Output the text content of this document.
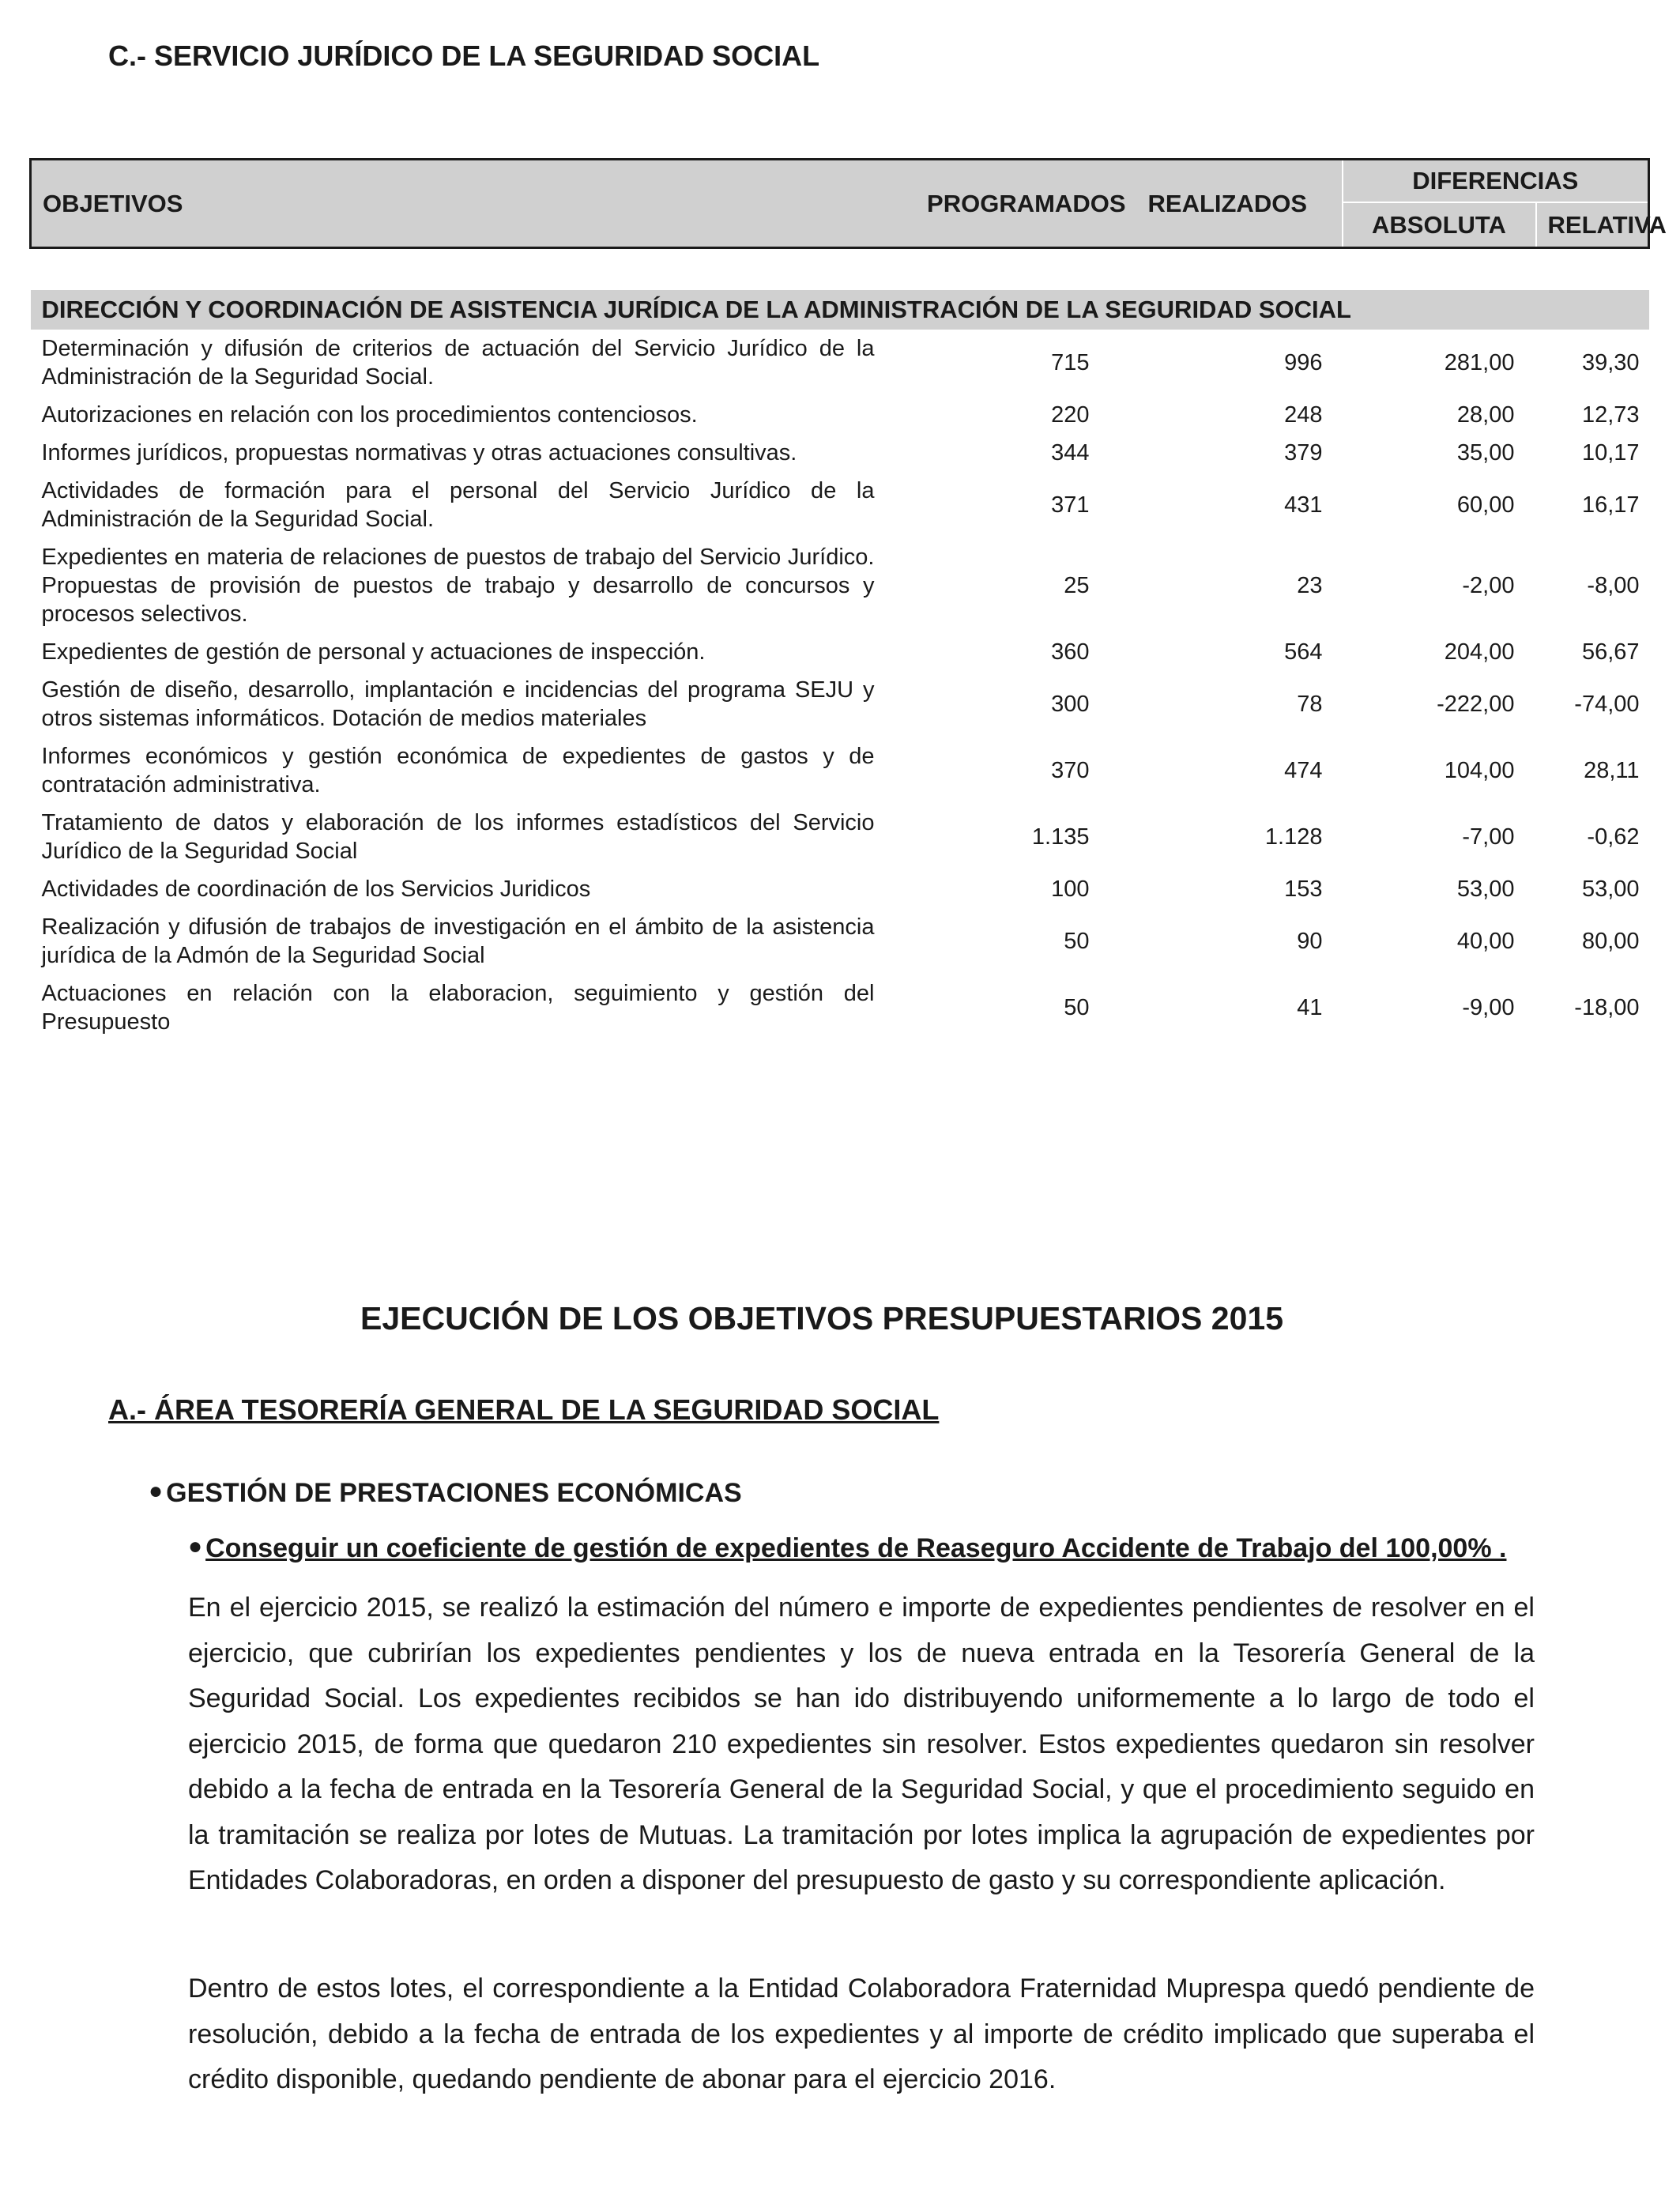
C.- SERVICIO JURÍDICO DE LA SEGURIDAD SOCIAL
OBJETIVOS	PROGRAMADOS	REALIZADOS	DIFERENCIAS	
			ABSOLUTA	RELATIVA

DIRECCIÓN Y COORDINACIÓN DE ASISTENCIA JURÍDICA DE LA ADMINISTRACIÓN DE LA SEGURIDAD SOCIAL				
Determinación y difusión de criterios de actuación del Servicio Jurídico de la Administración de la Seguridad Social.	715	996	281,00	39,30
Autorizaciones en relación con los procedimientos contenciosos.	220	248	28,00	12,73
Informes jurídicos, propuestas normativas y otras actuaciones consultivas.	344	379	35,00	10,17
Actividades de formación para el personal del Servicio Jurídico de la Administración de la Seguridad Social.	371	431	60,00	16,17
Expedientes en materia de relaciones de puestos de trabajo del Servicio Jurídico. Propuestas de provisión de puestos de trabajo y desarrollo de concursos y procesos selectivos.	25	23	-2,00	-8,00
Expedientes de gestión de personal y actuaciones de inspección.	360	564	204,00	56,67
Gestión de diseño, desarrollo, implantación e incidencias del programa SEJU y otros sistemas informáticos. Dotación de medios materiales	300	78	-222,00	-74,00
Informes económicos y gestión económica de expedientes de gastos y de contratación administrativa.	370	474	104,00	28,11
Tratamiento de datos y elaboración de los informes estadísticos del Servicio Jurídico de la Seguridad Social	1.135	1.128	-7,00	-0,62
Actividades de coordinación de los Servicios Juridicos	100	153	53,00	53,00
Realización y difusión de trabajos de investigación en el ámbito de la asistencia jurídica de la Admón de la Seguridad Social	50	90	40,00	80,00
Actuaciones en relación con la elaboracion, seguimiento y gestión del Presupuesto	50	41	-9,00	-18,00
EJECUCIÓN DE LOS OBJETIVOS PRESUPUESTARIOS 2015
A.- ÁREA TESORERÍA GENERAL DE LA SEGURIDAD SOCIAL
● GESTIÓN DE PRESTACIONES ECONÓMICAS
● Conseguir un coeficiente de gestión de expedientes de Reaseguro Accidente de Trabajo del 100,00% .

En el ejercicio 2015, se realizó la estimación del número e importe de expedientes pendientes de resolver en el ejercicio, que cubrirían los expedientes pendientes y los de nueva entrada en la Tesorería General de la Seguridad Social. Los expedientes recibidos se han ido distribuyendo uniformemente a lo largo de todo el ejercicio 2015, de forma que quedaron 210 expedientes sin resolver. Estos expedientes quedaron sin resolver debido a la fecha de entrada en la Tesorería General de la Seguridad Social, y que el procedimiento seguido en la tramitación se realiza por lotes de Mutuas. La tramitación por lotes implica la agrupación de expedientes por Entidades Colaboradoras, en orden a disponer del presupuesto de gasto y su correspondiente aplicación.

Dentro de estos lotes, el correspondiente a la Entidad Colaboradora Fraternidad Muprespa quedó pendiente de resolución, debido a la fecha de entrada de los expedientes y al importe de crédito implicado que superaba el crédito disponible, quedando pendiente de abonar para el ejercicio 2016.
